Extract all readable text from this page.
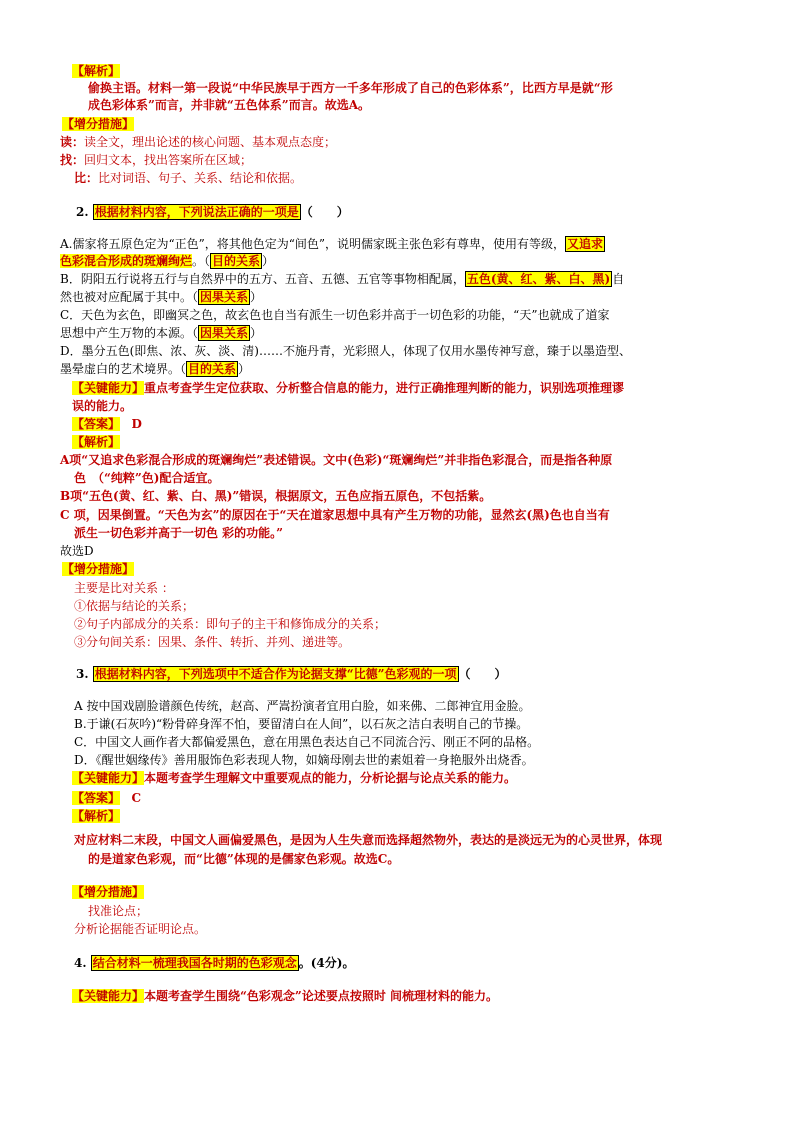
【解析】
偷换主语。材料一第一段说“中华民族早于西方一千多年形成了自己的色彩体系”，比西方早是就“形
成色彩体系”而言，并非就“五色体系”而言。故选A。
【增分措施】
读：读全文，理出论述的核心问题、基本观点态度；
找：回归文本，找出答案所在区域；
比：比对词语、句子、关系、结论和依据。
2. 根据材料内容，下列说法正确的一项是 （　　）
A.儒家将五原色定为“正色”，将其他色定为“间色”，说明儒家既主张色彩有尊卑，使用有等级， 又追求
色彩混合形成的斑斓绚烂。（ 目的关系 ）
B．阴阳五行说将五行与自然界中的五方、五音、五德、五官等事物相配属， 五色(黄、红、紫、白、黑) 自
然也被对应配属于其中。（ 因果关系 ）
C．天色为玄色，即幽冥之色，故玄色也自当有派生一切色彩并高于一切色彩的功能，“天”也就成了道家
思想中产生万物的本源。（ 因果关系 ）
D．墨分五色(即焦、浓、灰、淡、清)……不施丹青，光彩照人，体现了仅用水墨传神写意，臻于以墨造型、
墨晕虚白的艺术境界。（ 目的关系 ）
【关键能力】重点考查学生定位获取、分析整合信息的能力，进行正确推理判断的能力，识别选项推理谬
误的能力。
【答案】 D
【解析】
A项“又追求色彩混合形成的斑斓绚烂”表述错误。文中(色彩)“斑斓绚烂”并非指色彩混合，而是指各种原
色　（“纯粹”色)配合适宜。
B项“五色(黄、红、紫、白、黑)”错误，根据原文，五色应指五原色，不包括紫。
C 项，因果倒置。“天色为玄”的原因在于“天在道家思想中具有产生万物的功能，显然玄(黑)色也自当有
派生一切色彩并高于一切色 彩的功能。”
故选D
【增分措施】
主要是比对关系 ：
①依据与结论的关系；
②句子内部成分的关系：即句子的主干和修饰成分的关系；
③分句间关系：因果、条件、转折、并列、递进等。
3. 根据材料内容，下列选项中不适合作为论据支撑“比德”色彩观的一项 （　　）
A 按中国戏剧脸谱颜色传统，赵高、严嵩扮演者宜用白脸，如来佛、二郎神宜用金脸。
B.于谦(石灰吟)“粉骨碎身浑不怕，要留清白在人间”，以石灰之洁白表明自己的节操。
C．中国文人画作者大都偏爱黑色，意在用黑色表达自己不同流合污、刚正不阿的品格。
D．《醒世姻缘传》善用服饰色彩表现人物，如嫡母刚去世的素姐着一身艳服外出烧香。
【关键能力】本题考查学生理解文中重要观点的能力，分析论据与论点关系的能力。
【答案】 C
【解析】
对应材料二末段，中国文人画偏爱黑色，是因为人生失意而选择超然物外，表达的是淡远无为的心灵世界，体现
的是道家色彩观，而“比德”体现的是儒家色彩观。故选C。
【增分措施】
找准论点；
分析论据能否证明论点。
4. 结合材料一梳理我国各时期的色彩观念 。(4分)。
【关键能力】本题考查学生围绕“色彩观念”论述要点按照时 间梳理材料的能力。
